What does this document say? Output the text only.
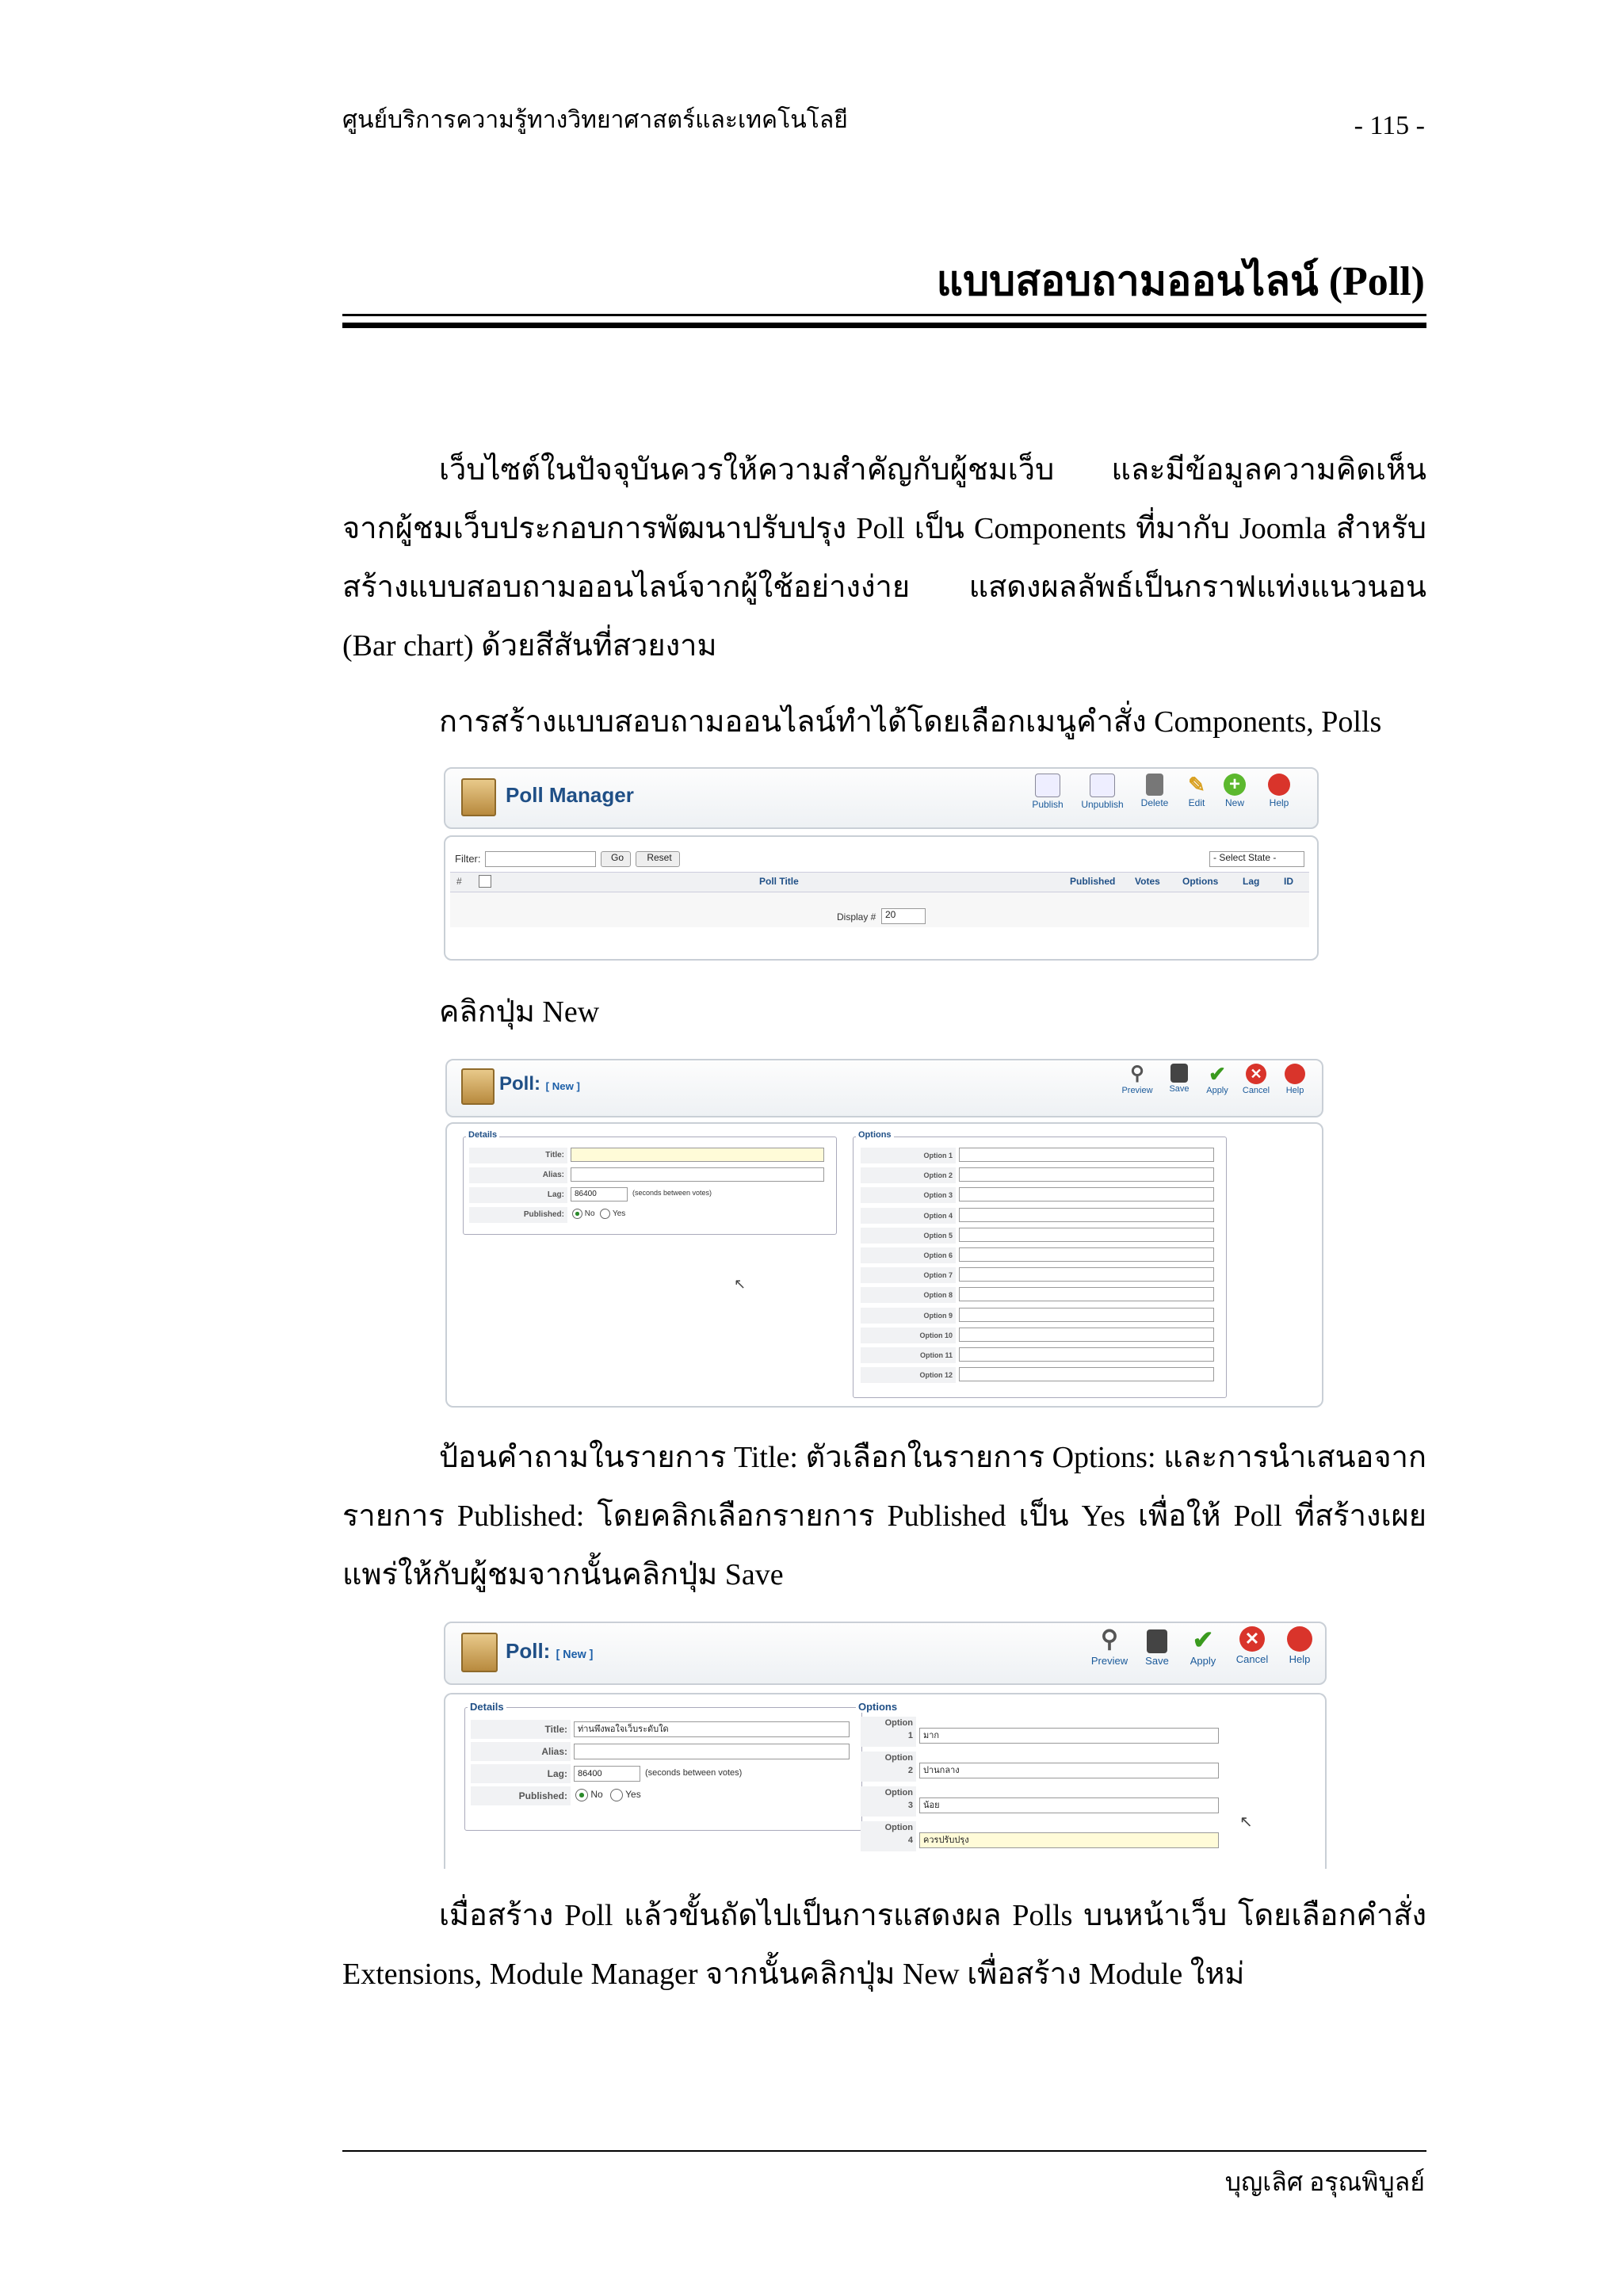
ศูนย์บริการความรู้ทางวิทยาศาสตร์และเทคโนโลยี	- 115 -
แบบสอบถามออนไลน์ (Poll)
เว็บไซต์ในปัจจุบันควรให้ความสำคัญกับผู้ชมเว็บ และมีข้อมูลความคิดเห็นจากผู้ชมเว็บประกอบการพัฒนาปรับปรุง Poll เป็น Components ที่มากับ Joomla สำหรับสร้างแบบสอบถามออนไลน์จากผู้ใช้อย่างง่าย แสดงผลลัพธ์เป็นกราฟแท่งแนวนอน (Bar chart) ด้วยสีสันที่สวยงาม
การสร้างแบบสอบถามออนไลน์ทำได้โดยเลือกเมนูคำสั่ง Components, Polls
Poll Manager	Publish	Unpublish	Delete
✎
Edit
+
New	Help
Filter:	Go	Reset	- Select State -
#	Poll Title	Published Votes Options	Lag	ID
Display # 20
คลิกปุ่ม New
Poll: [ New ]
⚲
Preview	Save
✔
Apply
✕
Cancel	Help
Details
Title:
Alias:
Lag:	86400	(seconds between votes)
Published:	No Yes
Options
Option 1
Option 2
Option 3
Option 4
Option 5
Option 6
Option 7
Option 8
Option 9
Option 10
Option 11
Option 12
↖
ป้อนคำถามในรายการ Title: ตัวเลือกในรายการ Options: และการนำเสนอจากรายการ Published: โดยคลิกเลือกรายการ Published เป็น Yes เพื่อให้ Poll ที่สร้างเผยแพร่ให้กับผู้ชมจากนั้นคลิกปุ่ม Save
Poll: [ New ]
⚲
Preview	Save
✔
Apply
✕
Cancel	Help
Details
Title:	ท่านพึงพอใจเว็บระดับใด
Alias:
Lag:	86400	(seconds between votes)
Published:	No Yes
Options
Option
1	มาก
Option
2	ปานกลาง
Option
3	น้อย
Option
4	ควรปรับปรุง
↖
เมื่อสร้าง Poll แล้วขั้นถัดไปเป็นการแสดงผล Polls บนหน้าเว็บ โดยเลือกคำสั่ง Extensions, Module Manager จากนั้นคลิกปุ่ม New เพื่อสร้าง Module ใหม่
บุญเลิศ อรุณพิบูลย์
